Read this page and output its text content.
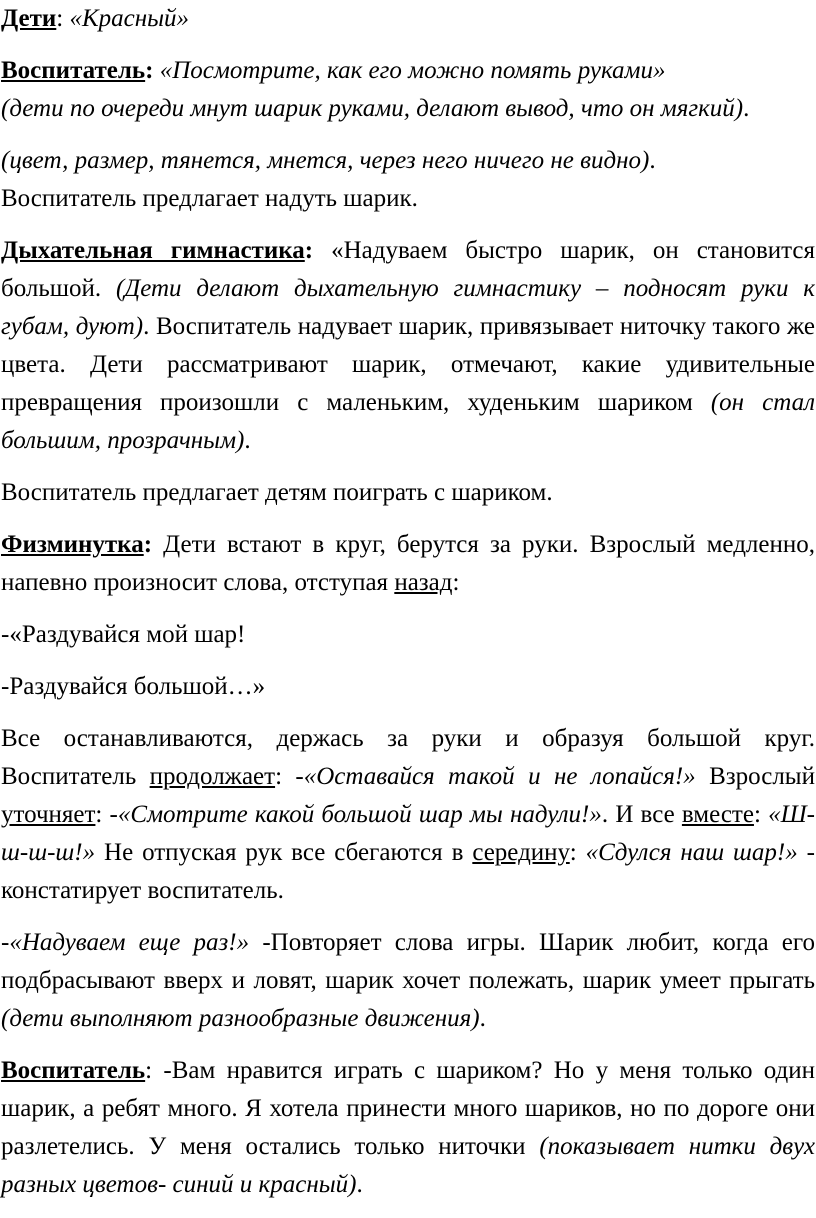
Дети: «Красный»

Воспитатель: «Посмотрите, как его можно помять руками»
(дети по очереди мнут шарик руками, делают вывод, что он мягкий).

(цвет, размер, тянется, мнется, через него ничего не видно).
Воспитатель предлагает надуть шарик.

Дыхательная гимнастика: «Надуваем быстро шарик, он становится большой. (Дети делают дыхательную гимнастику – подносят руки к губам, дуют). Воспитатель надувает шарик, привязывает ниточку такого же цвета. Дети рассматривают шарик, отмечают, какие удивительные превращения произошли с маленьким, худеньким шариком (он стал большим, прозрачным).

Воспитатель предлагает детям поиграть с шариком.

Физминутка: Дети встают в круг, берутся за руки. Взрослый медленно, напевно произносит слова, отступая назад:

-«Раздувайся мой шар!

-Раздувайся большой…»

Все останавливаются, держась за руки и образуя большой круг. Воспитатель продолжает: -«Оставайся такой и не лопайся!» Взрослый уточняет: -«Смотрите какой большой шар мы надули!». И все вместе: «Ш-ш-ш-ш!» Не отпуская рук все сбегаются в середину: «Сдулся наш шар!» - констатирует воспитатель.

-«Надуваем еще раз!» -Повторяет слова игры. Шарик любит, когда его подбрасывают вверх и ловят, шарик хочет полежать, шарик умеет прыгать (дети выполняют разнообразные движения).

Воспитатель: -Вам нравится играть с шариком? Но у меня только один шарик, а ребят много. Я хотела принести много шариков, но по дороге они разлетелись. У меня остались только ниточки (показывает нитки двух разных цветов- синий и красный).
